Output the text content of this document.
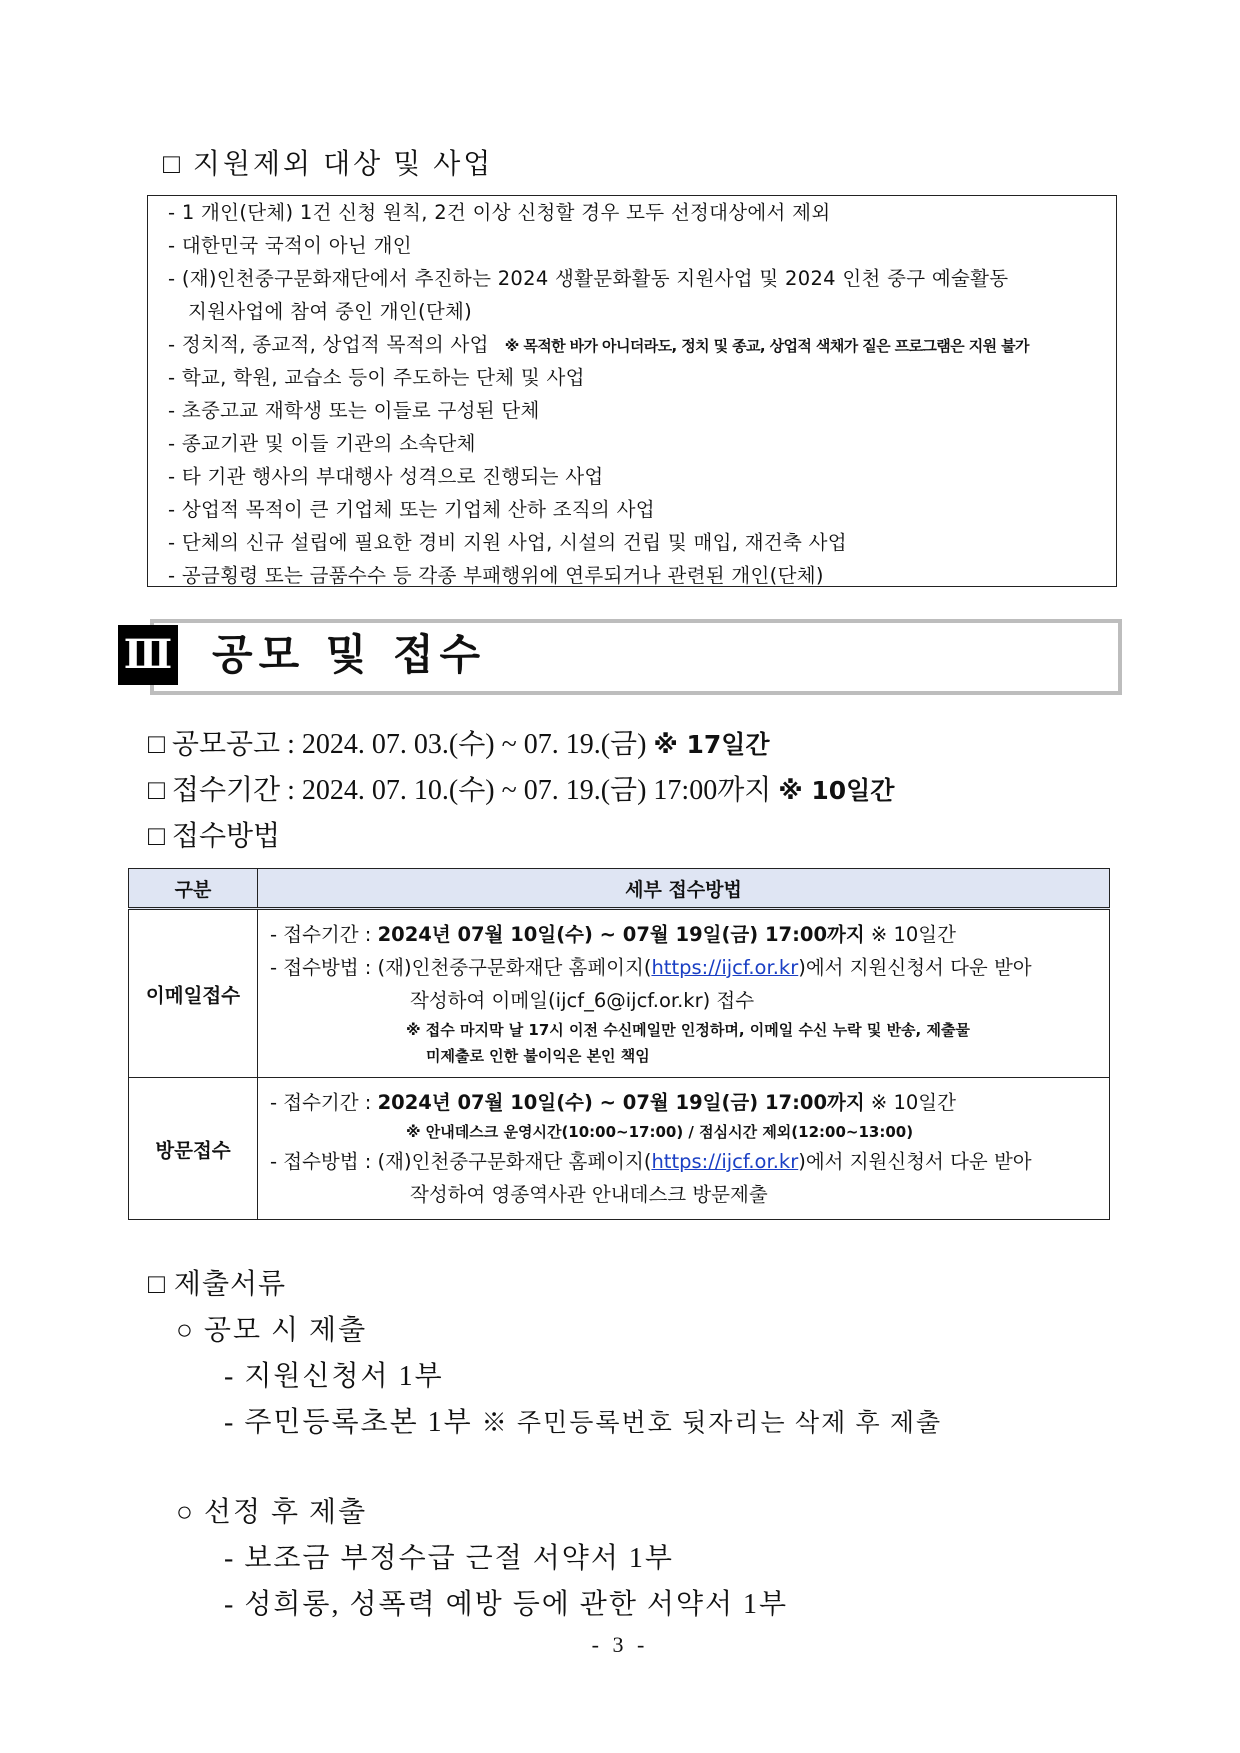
□ 지원제외 대상 및 사업
- 1 개인(단체) 1건 신청 원칙, 2건 이상 신청할 경우 모두 선정대상에서 제외
- 대한민국 국적이 아닌 개인
- (재)인천중구문화재단에서 추진하는 2024 생활문화활동 지원사업 및 2024 인천 중구 예술활동
지원사업에 참여 중인 개인(단체)
- 정치적, 종교적, 상업적 목적의 사업 ※ 목적한 바가 아니더라도, 정치 및 종교, 상업적 색채가 짙은 프로그램은 지원 불가
- 학교, 학원, 교습소 등이 주도하는 단체 및 사업
- 초중고교 재학생 또는 이들로 구성된 단체
- 종교기관 및 이들 기관의 소속단체
- 타 기관 행사의 부대행사 성격으로 진행되는 사업
- 상업적 목적이 큰 기업체 또는 기업체 산하 조직의 사업
- 단체의 신규 설립에 필요한 경비 지원 사업, 시설의 건립 및 매입, 재건축 사업
- 공금횡령 또는 금품수수 등 각종 부패행위에 연루되거나 관련된 개인(단체)
Ⅲ 공모 및 접수
□ 공모공고 : 2024. 07. 03.(수) ~ 07. 19.(금) ※ 17일간
□ 접수기간 : 2024. 07. 10.(수) ~ 07. 19.(금) 17:00까지 ※ 10일간
□ 접수방법
구분	세부 접수방법
이메일접수	- 접수기간 : 2024년 07월 10일(수) ~ 07월 19일(금) 17:00까지 ※ 10일간
- 접수방법 : (재)인천중구문화재단 홈페이지(https://ijcf.or.kr)에서 지원신청서 다운 받아
작성하여 이메일(ijcf_6@ijcf.or.kr) 접수
※ 접수 마지막 날 17시 이전 수신메일만 인정하며, 이메일 수신 누락 및 반송, 제출물
미제출로 인한 불이익은 본인 책임

방문접수	- 접수기간 : 2024년 07월 10일(수) ~ 07월 19일(금) 17:00까지 ※ 10일간
※ 안내데스크 운영시간(10:00~17:00) / 점심시간 제외(12:00~13:00)
- 접수방법 : (재)인천중구문화재단 홈페이지(https://ijcf.or.kr)에서 지원신청서 다운 받아
작성하여 영종역사관 안내데스크 방문제출
□ 제출서류
○ 공모 시 제출
- 지원신청서 1부
- 주민등록초본 1부 ※ 주민등록번호 뒷자리는 삭제 후 제출
○ 선정 후 제출
- 보조금 부정수급 근절 서약서 1부
- 성희롱, 성폭력 예방 등에 관한 서약서 1부
- 3 -
